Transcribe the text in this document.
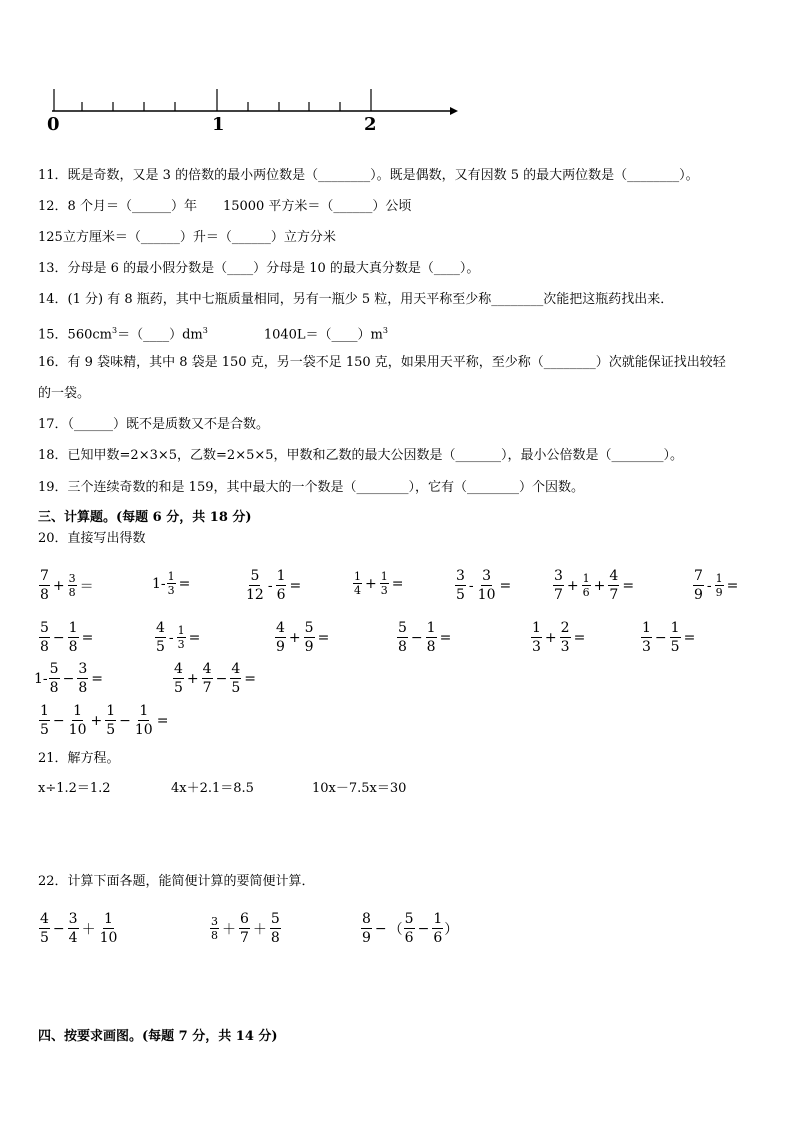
0	1	2
11．既是奇数，又是 3 的倍数的最小两位数是（________）。既是偶数，又有因数 5 的最大两位数是（________）。
12．8 个月＝（______）年　　15000 平方米＝（______）公顷
125立方厘米＝（______）升＝（______）立方分米
13．分母是 6 的最小假分数是（____）分母是 10 的最大真分数是（____）。
14．(1 分) 有 8 瓶药，其中七瓶质量相同，另有一瓶少 5 粒，用天平称至少称________次能把这瓶药找出来．
15．$560cm^3=(\_\_\_\_)dm^3$	$1040L=(\_\_\_\_)m^3$
16．有 9 袋味精，其中 8 袋是 150 克，另一袋不足 150 克，如果用天平称，至少称（________）次就能保证找出较轻
的一袋。
17．（______）既不是质数又不是合数。
18．已知甲数=2×3×5，乙数=2×5×5，甲数和乙数的最大公因数是（_______），最小公倍数是（________）。
19．三个连续奇数的和是 159，其中最大的一个数是（________），它有（________）个因数。
三、计算题。(每题 6 分，共 18 分)
20．直接写出得数
$\frac{7}{8} + \frac{3}{8}$ ＝	$1 - \frac{1}{3}$ =	$\frac{5}{12} - \frac{1}{6}$ =	$\frac{1}{4} + \frac{1}{3}$ =	$\frac{3}{5} - \frac{3}{10}$ =	$\frac{3}{7} + \frac{1}{6} + \frac{4}{7}$ =	$\frac{7}{9} - \frac{1}{9}$ =
$\frac{5}{8} - \frac{1}{8}$ =	$\frac{4}{5} - \frac{1}{3}$ =	$\frac{4}{9} + \frac{5}{9}$ =	$\frac{5}{8} - \frac{1}{8}$ =	$\frac{1}{3} + \frac{2}{3}$ =	$\frac{1}{3} - \frac{1}{5}$ =
$1 - \frac{5}{8} - \frac{3}{8}$ =	$\frac{4}{5} + \frac{4}{7} - \frac{4}{5}$ =
$\frac{1}{5} - \frac{1}{10} + \frac{1}{5} - \frac{1}{10}$ =
21．解方程。
x÷1.2＝1.2	4x＋2.1＝8.5	10x－7.5x＝30
22．计算下面各题，能简便计算的要简便计算．
$\frac{4}{5} - \frac{3}{4} + \frac{1}{10}$	$\frac{3}{8} + \frac{6}{7} + \frac{5}{8}$	$\frac{8}{9}$ − （ $\frac{5}{6} - \frac{1}{6}$ ）
四、按要求画图。(每题 7 分，共 14 分)
